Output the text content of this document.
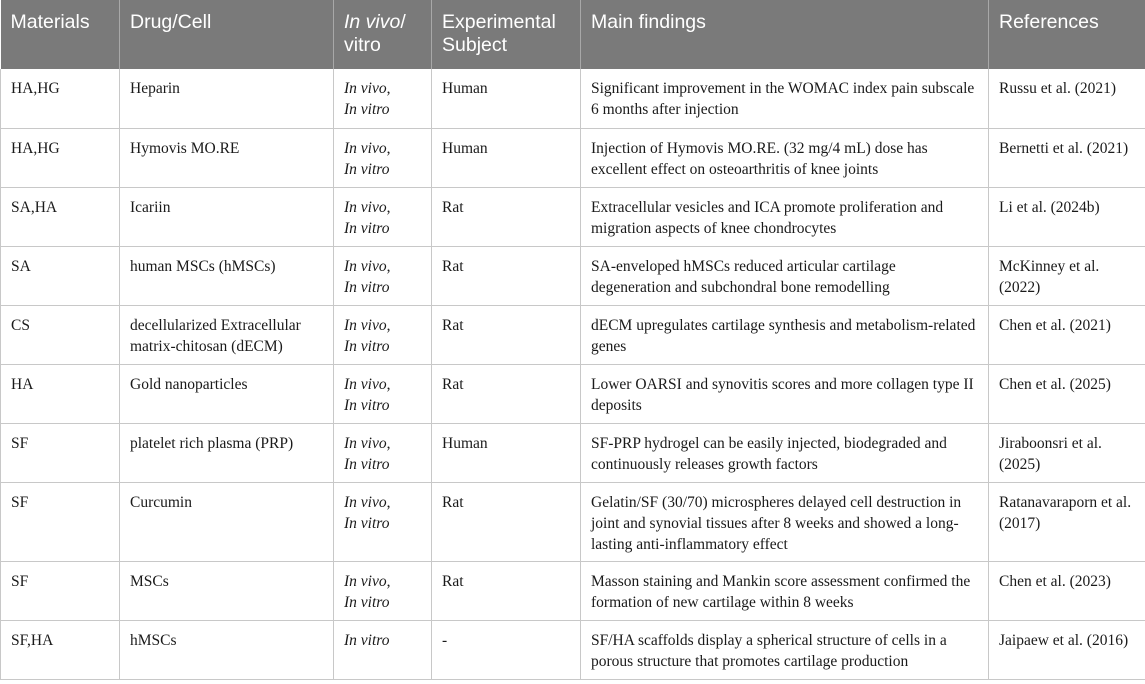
Materials	Drug/Cell	In vivo/ vitro	Experimental Subject	Main findings	References
HA,HG	Heparin	In vivo,
In vitro	Human	Significant improvement in the WOMAC index pain subscale 6 months after injection	Russu et al. (2021)
HA,HG	Hymovis MO.RE	In vivo,
In vitro	Human	Injection of Hymovis MO.RE. (32 mg/4 mL) dose has excellent effect on osteoarthritis of knee joints	Bernetti et al. (2021)
SA,HA	Icariin	In vivo,
In vitro	Rat	Extracellular vesicles and ICA promote proliferation and migration aspects of knee chondrocytes	Li et al. (2024b)
SA	human MSCs (hMSCs)	In vivo,
In vitro	Rat	SA-enveloped hMSCs reduced articular cartilage degeneration and subchondral bone remodelling	McKinney et al. (2022)
CS	decellularized Extracellular matrix-chitosan (dECM)	In vivo,
In vitro	Rat	dECM upregulates cartilage synthesis and metabolism-related genes	Chen et al. (2021)
HA	Gold nanoparticles	In vivo,
In vitro	Rat	Lower OARSI and synovitis scores and more collagen type II deposits	Chen et al. (2025)
SF	platelet rich plasma (PRP)	In vivo,
In vitro	Human	SF-PRP hydrogel can be easily injected, biodegraded and continuously releases growth factors	Jiraboonsri et al. (2025)
SF	Curcumin	In vivo,
In vitro	Rat	Gelatin/SF (30/70) microspheres delayed cell destruction in joint and synovial tissues after 8 weeks and showed a long-lasting anti-inflammatory effect	Ratanavaraporn et al. (2017)
SF	MSCs	In vivo,
In vitro	Rat	Masson staining and Mankin score assessment confirmed the formation of new cartilage within 8 weeks	Chen et al. (2023)
SF,HA	hMSCs	In vitro	-	SF/HA scaffolds display a spherical structure of cells in a porous structure that promotes cartilage production	Jaipaew et al. (2016)
